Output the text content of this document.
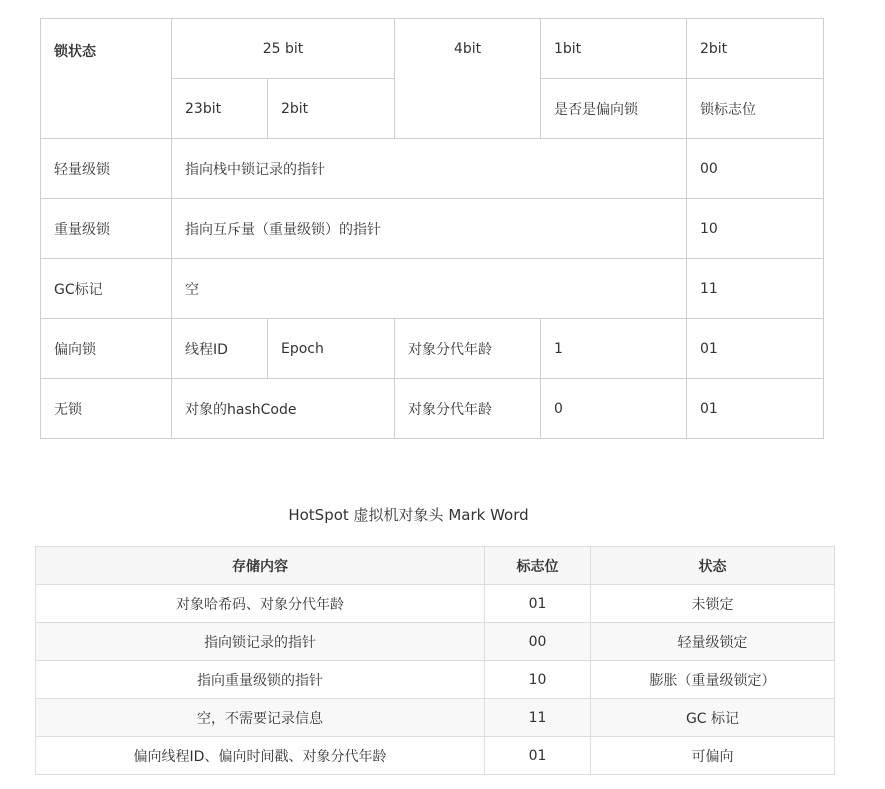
锁状态	25 bit		4bit	1bit	2bit
	23bit	2bit		是否是偏向锁	锁标志位
轻量级锁	指向栈中锁记录的指针				00
重量级锁	指向互斥量（重量级锁）的指针				10
GC标记	空				11
偏向锁	线程ID	Epoch	对象分代年龄	1	01
无锁	对象的hashCode		对象分代年龄	0	01
HotSpot 虚拟机对象头 Mark Word
存储内容	标志位	状态
对象哈希码、对象分代年龄	01	未锁定
指向锁记录的指针	00	轻量级锁定
指向重量级锁的指针	10	膨胀（重量级锁定）
空，不需要记录信息	11	GC 标记
偏向线程ID、偏向时间戳、对象分代年龄	01	可偏向
